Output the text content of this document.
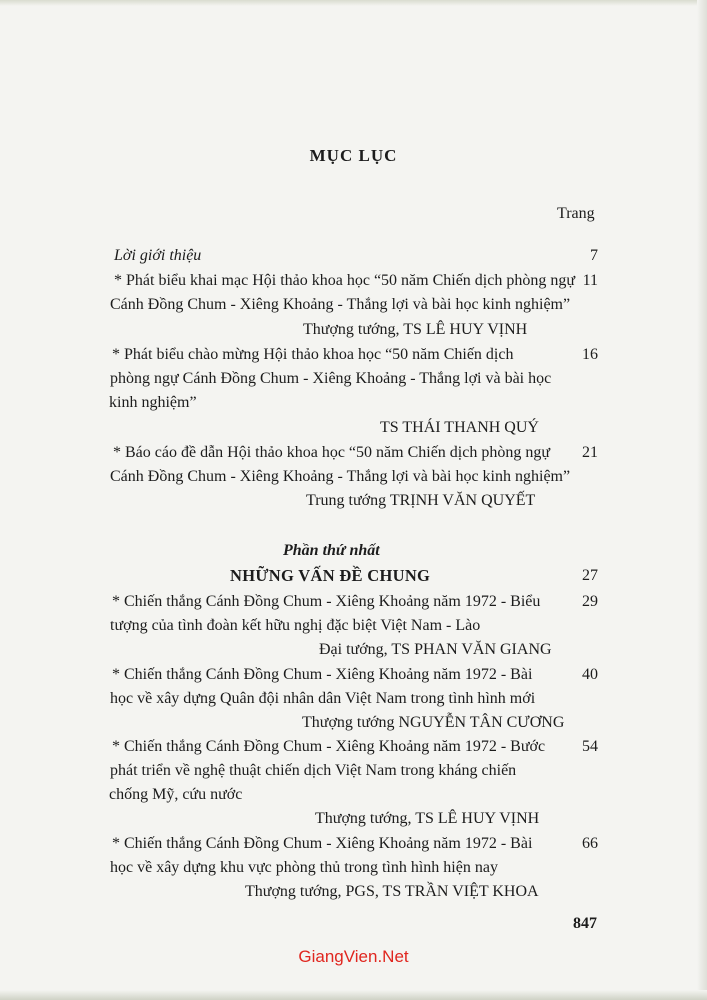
MỤC LỤC
Trang
Lời giới thiệu	7
* Phát biểu khai mạc Hội thảo khoa học “50 năm Chiến dịch phòng ngự 11
Cánh Đồng Chum - Xiêng Khoảng - Thắng lợi và bài học kinh nghiệm”
Thượng tướng, TS LÊ HUY VỊNH
* Phát biểu chào mừng Hội thảo khoa học “50 năm Chiến dịch	16
phòng ngự Cánh Đồng Chum - Xiêng Khoảng - Thắng lợi và bài học
kinh nghiệm”
TS THÁI THANH QUÝ
* Báo cáo đề dẫn Hội thảo khoa học “50 năm Chiến dịch phòng ngự	21
Cánh Đồng Chum - Xiêng Khoảng - Thắng lợi và bài học kinh nghiệm”
Trung tướng TRỊNH VĂN QUYẾT
Phần thứ nhất
NHỮNG VẤN ĐỀ CHUNG	27
* Chiến thắng Cánh Đồng Chum - Xiêng Khoảng năm 1972 - Biểu	29
tượng của tình đoàn kết hữu nghị đặc biệt Việt Nam - Lào
Đại tướng, TS PHAN VĂN GIANG
* Chiến thắng Cánh Đồng Chum - Xiêng Khoảng năm 1972 - Bài	40
học về xây dựng Quân đội nhân dân Việt Nam trong tình hình mới
Thượng tướng NGUYỄN TÂN CƯƠNG
* Chiến thắng Cánh Đồng Chum - Xiêng Khoảng năm 1972 - Bước	54
phát triển về nghệ thuật chiến dịch Việt Nam trong kháng chiến
chống Mỹ, cứu nước
Thượng tướng, TS LÊ HUY VỊNH
* Chiến thắng Cánh Đồng Chum - Xiêng Khoảng năm 1972 - Bài	66
học về xây dựng khu vực phòng thủ trong tình hình hiện nay
Thượng tướng, PGS, TS TRẦN VIỆT KHOA
847
GiangVien.Net
